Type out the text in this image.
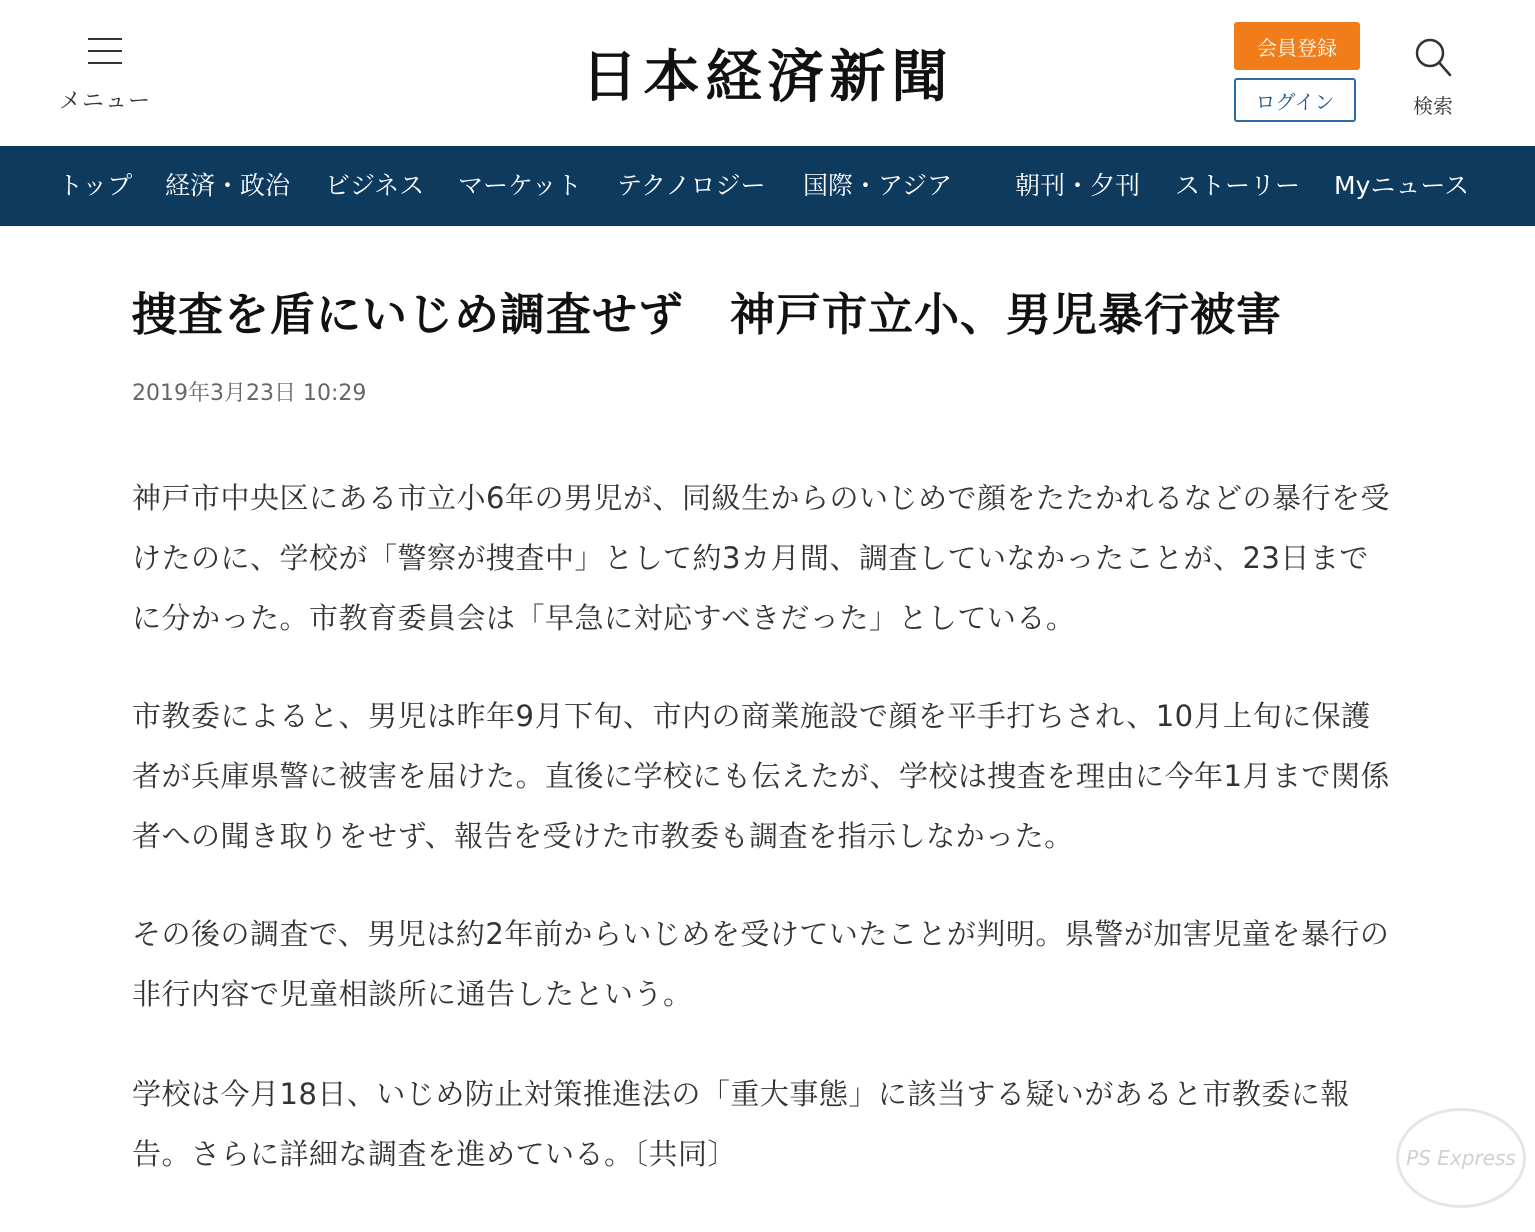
メニュー	日本経済新聞	会員登録
ログイン	検索
トップ 経済・政治 ビジネス マーケット テクノロジー 国際・アジア	朝刊・夕刊 ストーリー Myニュース
捜査を盾にいじめ調査せず　神戸市立小、男児暴行被害
2019年3月23日 10:29

神戸市中央区にある市立小6年の男児が、同級生からのいじめで顔をたたかれるなどの暴行を受けたのに、学校が「警察が捜査中」として約3カ月間、調査していなかったことが、23日までに分かった。市教育委員会は「早急に対応すべきだった」としている。

市教委によると、男児は昨年9月下旬、市内の商業施設で顔を平手打ちされ、10月上旬に保護者が兵庫県警に被害を届けた。直後に学校にも伝えたが、学校は捜査を理由に今年1月まで関係者への聞き取りをせず、報告を受けた市教委も調査を指示しなかった。

その後の調査で、男児は約2年前からいじめを受けていたことが判明。県警が加害児童を暴行の非行内容で児童相談所に通告したという。

学校は今月18日、いじめ防止対策推進法の「重大事態」に該当する疑いがあると市教委に報告。さらに詳細な調査を進めている。〔共同〕	PS Express
